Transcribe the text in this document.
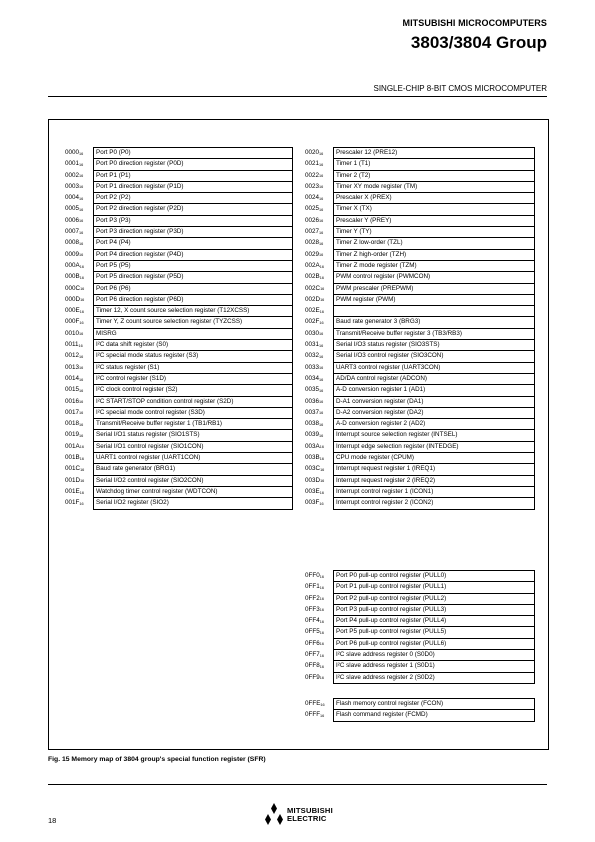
MITSUBISHI MICROCOMPUTERS
3803/3804 Group
SINGLE-CHIP 8-BIT CMOS MICROCOMPUTER
$0000_{16}$	Port P0 (P0)
$0001_{16}$	Port P0 direction register (P0D)
$0002_{16}$	Port P1 (P1)
$0003_{16}$	Port P1 direction register (P1D)
$0004_{16}$	Port P2 (P2)
$0005_{16}$	Port P2 direction register (P2D)
$0006_{16}$	Port P3 (P3)
$0007_{16}$	Port P3 direction register (P3D)
$0008_{16}$	Port P4 (P4)
$0009_{16}$	Port P4 direction register (P4D)
$000A_{16}$	Port P5 (P5)
$000B_{16}$	Port P5 direction register (P5D)
$000C_{16}$	Port P6 (P6)
$000D_{16}$	Port P6 direction register (P6D)
$000E_{16}$	Timer 12, X count source selection register (T12XCSS)
$000F_{16}$	Timer Y, Z count source selection register (TYZCSS)
$0010_{16}$	MISRG
$0011_{16}$	I²C data shift register (S0)
$0012_{16}$	I²C special mode status register (S3)
$0013_{16}$	I²C status register (S1)
$0014_{16}$	I²C control register (S1D)
$0015_{16}$	I²C clock control register (S2)
$0016_{16}$	I²C START/STOP condition control register (S2D)
$0017_{16}$	I²C special mode control register (S3D)
$0018_{16}$	Transmit/Receive buffer register 1 (TB1/RB1)
$0019_{16}$	Serial I/O1 status register (SIO1STS)
$001A_{16}$	Serial I/O1 control register (SIO1CON)
$001B_{16}$	UART1 control register (UART1CON)
$001C_{16}$	Baud rate generator (BRG1)
$001D_{16}$	Serial I/O2 control register (SIO2CON)
$001E_{16}$	Watchdog timer control register (WDTCON)
$001F_{16}$	Serial I/O2 register (SIO2)
$0020_{16}$	Prescaler 12 (PRE12)
$0021_{16}$	Timer 1 (T1)
$0022_{16}$	Timer 2 (T2)
$0023_{16}$	Timer XY mode register (TM)
$0024_{16}$	Prescaler X (PREX)
$0025_{16}$	Timer X (TX)
$0026_{16}$	Prescaler Y (PREY)
$0027_{16}$	Timer Y (TY)
$0028_{16}$	Timer Z low-order (TZL)
$0029_{16}$	Timer Z high-order (TZH)
$002A_{16}$	Timer Z mode register (TZM)
$002B_{16}$	PWM control register (PWMCON)
$002C_{16}$	PWM prescaler (PREPWM)
$002D_{16}$	PWM register (PWM)
$002E_{16}$
$002F_{16}$	Baud rate generator 3 (BRG3)
$0030_{16}$	Transmit/Receive buffer register 3 (TB3/RB3)
$0031_{16}$	Serial I/O3 status register (SIO3STS)
$0032_{16}$	Serial I/O3 control register (SIO3CON)
$0033_{16}$	UART3 control register (UART3CON)
$0034_{16}$	AD/DA control register (ADCON)
$0035_{16}$	A-D conversion register 1 (AD1)
$0036_{16}$	D-A1 conversion register (DA1)
$0037_{16}$	D-A2 conversion register (DA2)
$0038_{16}$	A-D conversion register 2 (AD2)
$0039_{16}$	Interrupt source selection register (INTSEL)
$003A_{16}$	Interrupt edge selection register (INTEDGE)
$003B_{16}$	CPU mode register (CPUM)
$003C_{16}$	Interrupt request register 1 (IREQ1)
$003D_{16}$	Interrupt request register 2 (IREQ2)
$003E_{16}$	Interrupt control register 1 (ICON1)
$003F_{16}$	Interrupt control register 2 (ICON2)
$0FF0_{16}$	Port P0 pull-up control register (PULL0)
$0FF1_{16}$	Port P1 pull-up control register (PULL1)
$0FF2_{16}$	Port P2 pull-up control register (PULL2)
$0FF3_{16}$	Port P3 pull-up control register (PULL3)
$0FF4_{16}$	Port P4 pull-up control register (PULL4)
$0FF5_{16}$	Port P5 pull-up control register (PULL5)
$0FF6_{16}$	Port P6 pull-up control register (PULL6)
$0FF7_{16}$	I²C slave address register 0 (S0D0)
$0FF8_{16}$	I²C slave address register 1 (S0D1)
$0FF9_{16}$	I²C slave address register 2 (S0D2)
$0FFE_{16}$	Flash memory control register (FCON)
$0FFF_{16}$	Flash command register (FCMD)
Fig. 15 Memory map of 3804 group's special function register (SFR)
18
MITSUBISHI
ELECTRIC
